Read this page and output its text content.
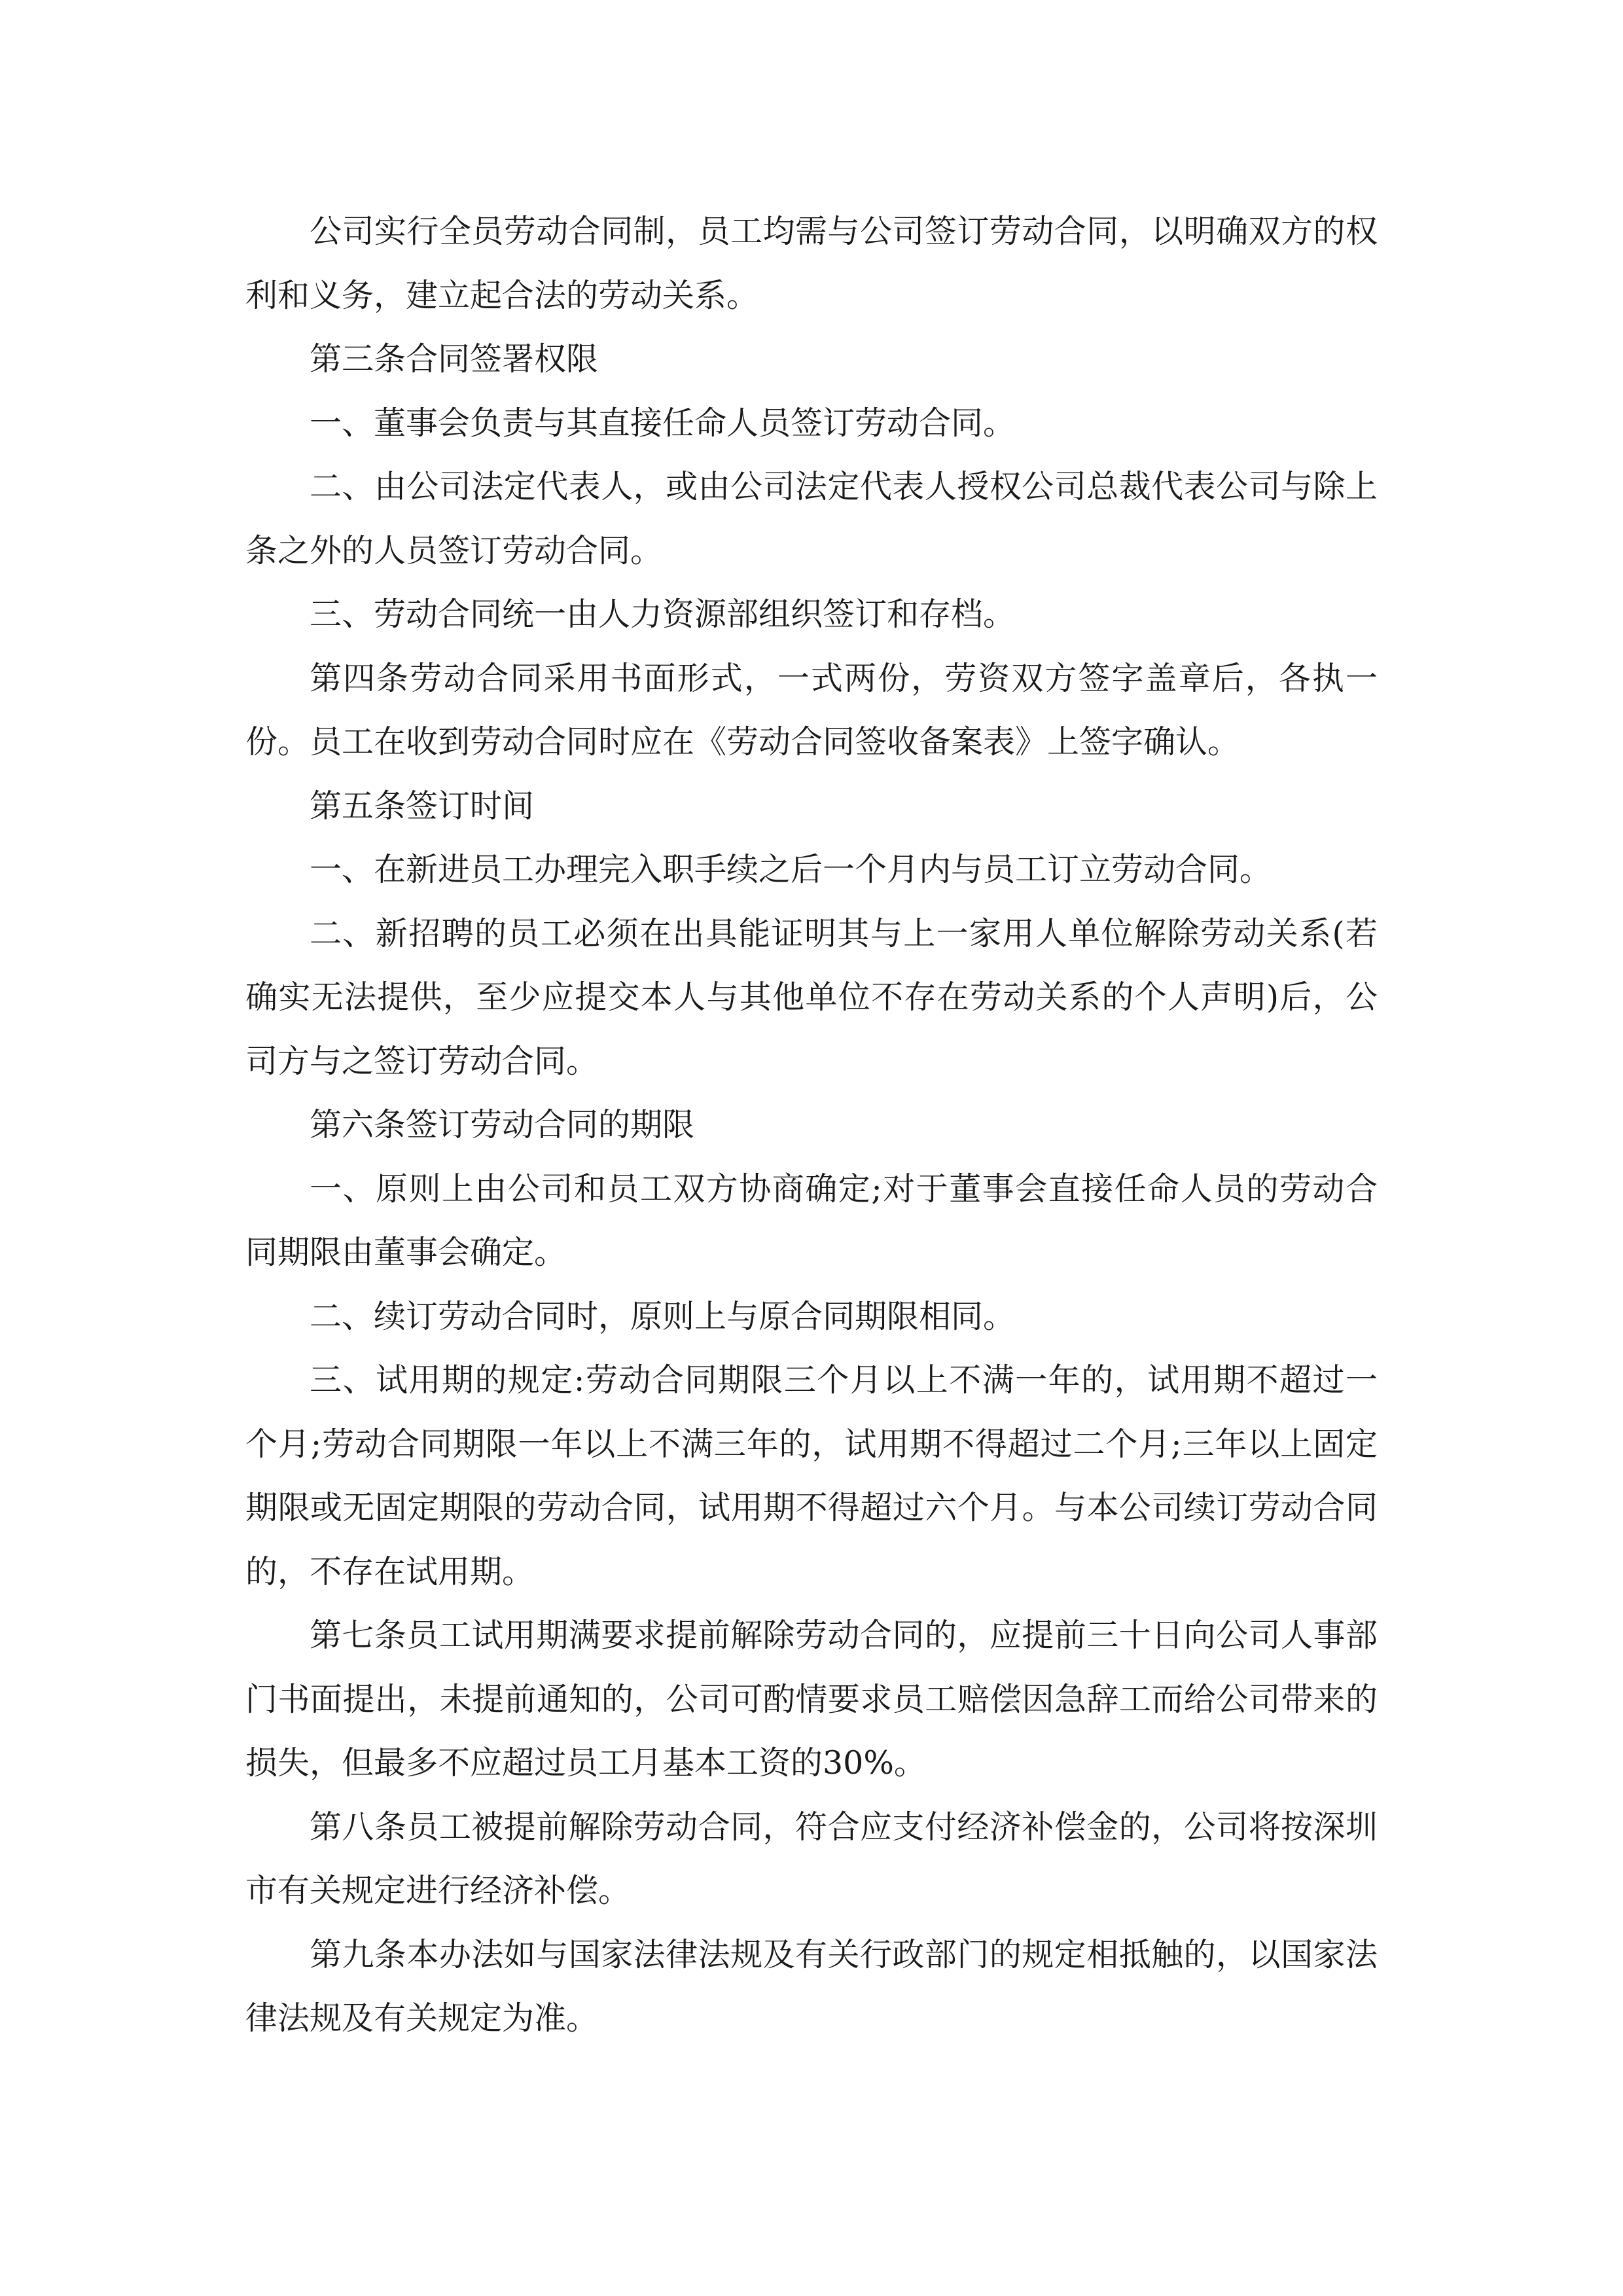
公司实行全员劳动合同制，员工均需与公司签订劳动合同，以明确双方的权利和义务，建立起合法的劳动关系。

第三条合同签署权限

一、董事会负责与其直接任命人员签订劳动合同。

二、由公司法定代表人，或由公司法定代表人授权公司总裁代表公司与除上条之外的人员签订劳动合同。

三、劳动合同统一由人力资源部组织签订和存档。

第四条劳动合同采用书面形式，一式两份，劳资双方签字盖章后，各执一份。员工在收到劳动合同时应在《劳动合同签收备案表》上签字确认。

第五条签订时间

一、在新进员工办理完入职手续之后一个月内与员工订立劳动合同。

二、新招聘的员工必须在出具能证明其与上一家用人单位解除劳动关系(若确实无法提供，至少应提交本人与其他单位不存在劳动关系的个人声明)后，公司方与之签订劳动合同。

第六条签订劳动合同的期限

一、原则上由公司和员工双方协商确定;对于董事会直接任命人员的劳动合同期限由董事会确定。

二、续订劳动合同时，原则上与原合同期限相同。

三、试用期的规定:劳动合同期限三个月以上不满一年的，试用期不超过一个月;劳动合同期限一年以上不满三年的，试用期不得超过二个月;三年以上固定期限或无固定期限的劳动合同，试用期不得超过六个月。与本公司续订劳动合同的，不存在试用期。

第七条员工试用期满要求提前解除劳动合同的，应提前三十日向公司人事部门书面提出，未提前通知的，公司可酌情要求员工赔偿因急辞工而给公司带来的损失，但最多不应超过员工月基本工资的30%。

第八条员工被提前解除劳动合同，符合应支付经济补偿金的，公司将按深圳市有关规定进行经济补偿。

第九条本办法如与国家法律法规及有关行政部门的规定相抵触的，以国家法律法规及有关规定为准。
